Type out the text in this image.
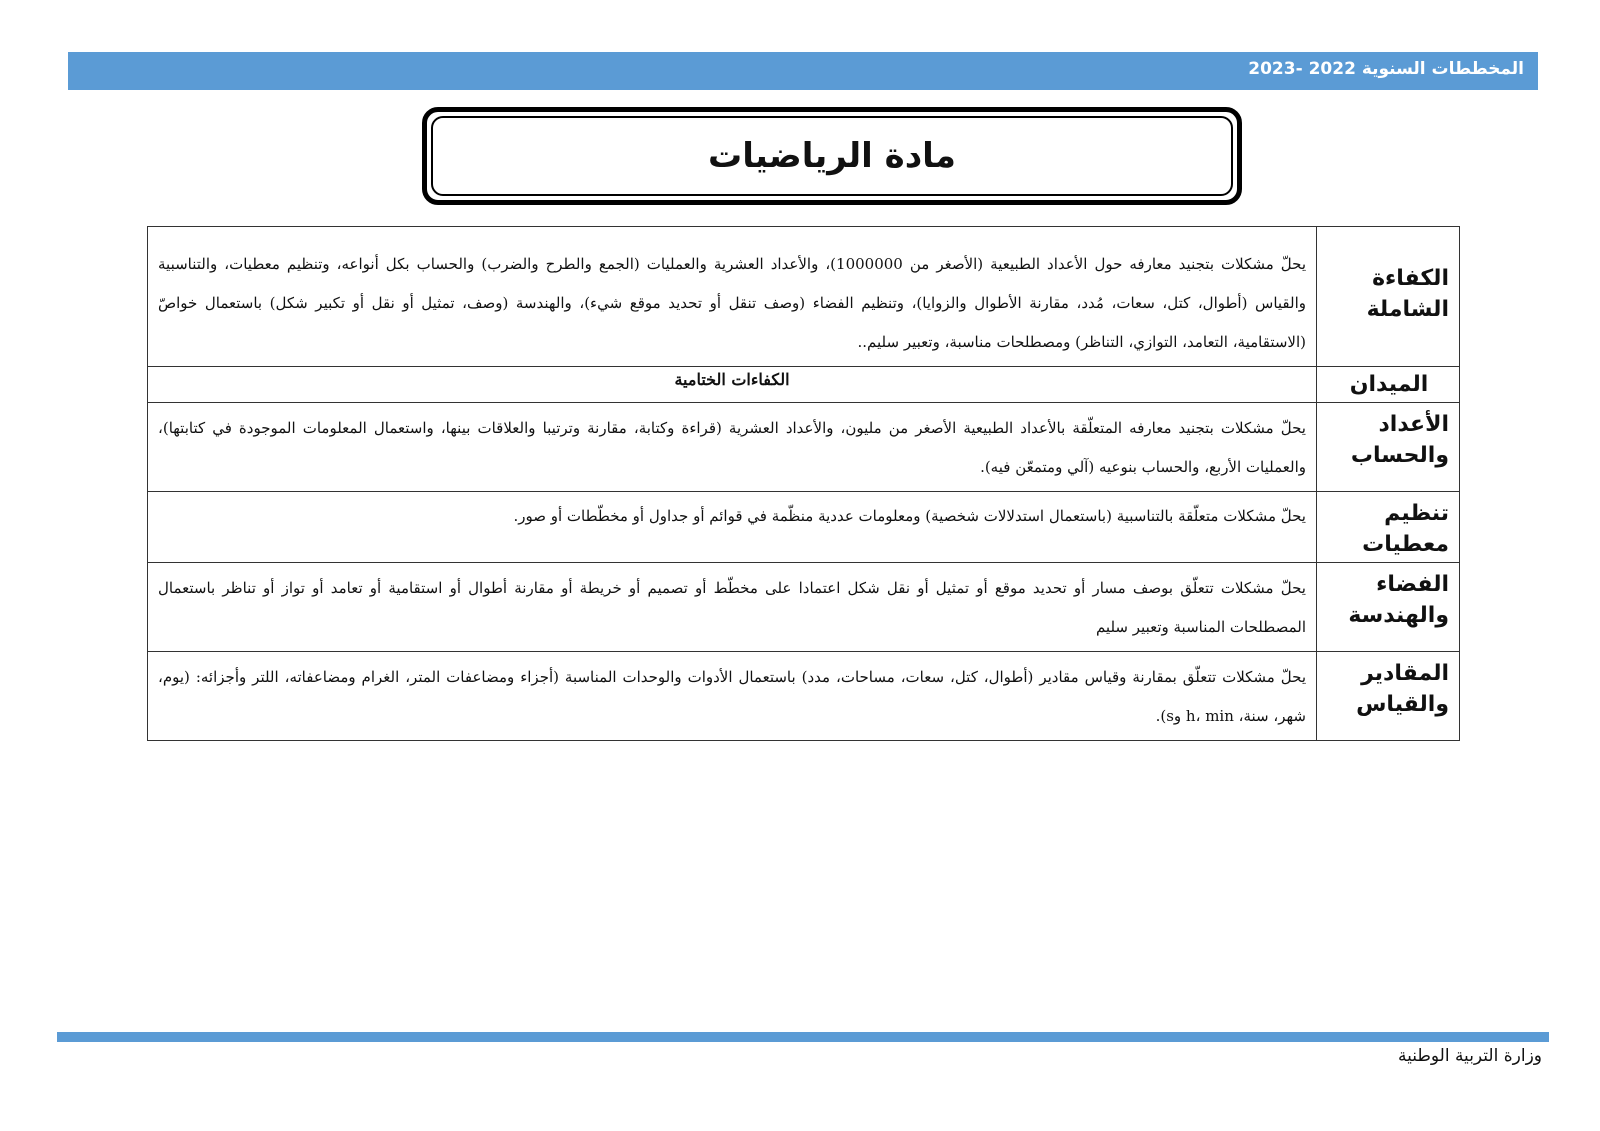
المخططات السنوية 2022 -2023
مادة الرياضيات
الكفاءة الشاملة	يحلّ مشكلات بتجنيد معارفه حول الأعداد الطبيعية (الأصغر من 1000000)، والأعداد العشرية والعمليات (الجمع والطرح والضرب) والحساب بكل أنواعه، وتنظيم معطيات، والتناسبية والقياس (أطوال، كتل، سعات، مُدد، مقارنة الأطوال والزوايا)، وتنظيم الفضاء (وصف تنقل أو تحديد موقع شيء)، والهندسة (وصف، تمثيل أو نقل أو تكبير شكل) باستعمال خواصّ (الاستقامية، التعامد، التوازي، التناظر) ومصطلحات مناسبة، وتعبير سليم..
الميدان	الكفاءات الختامية
الأعداد والحساب	يحلّ مشكلات بتجنيد معارفه المتعلّقة بالأعداد الطبيعية الأصغر من مليون، والأعداد العشرية (قراءة وكتابة، مقارنة وترتيبا والعلاقات بينها، واستعمال المعلومات الموجودة في كتابتها)، والعمليات الأربع، والحساب بنوعيه (آلي ومتمعّن فيه).
تنظيم معطيات	يحلّ مشكلات متعلّقة بالتناسبية (باستعمال استدلالات شخصية) ومعلومات عددية منظّمة في قوائم أو جداول أو مخطّطات أو صور.
الفضاء والهندسة	يحلّ مشكلات تتعلّق بوصف مسار أو تحديد موقع أو تمثيل أو نقل شكل اعتمادا على مخطّط أو تصميم أو خريطة أو مقارنة أطوال أو استقامية أو تعامد أو تواز أو تناظر باستعمال المصطلحات المناسبة وتعبير سليم
المقادير والقياس	يحلّ مشكلات تتعلّق بمقارنة وقياس مقادير (أطوال، كتل، سعات، مساحات، مدد) باستعمال الأدوات والوحدات المناسبة (أجزاء ومضاعفات المتر، الغرام ومضاعفاته، اللتر وأجزائه: (يوم، شهر، سنة، h، min وs).
وزارة التربية الوطنية
